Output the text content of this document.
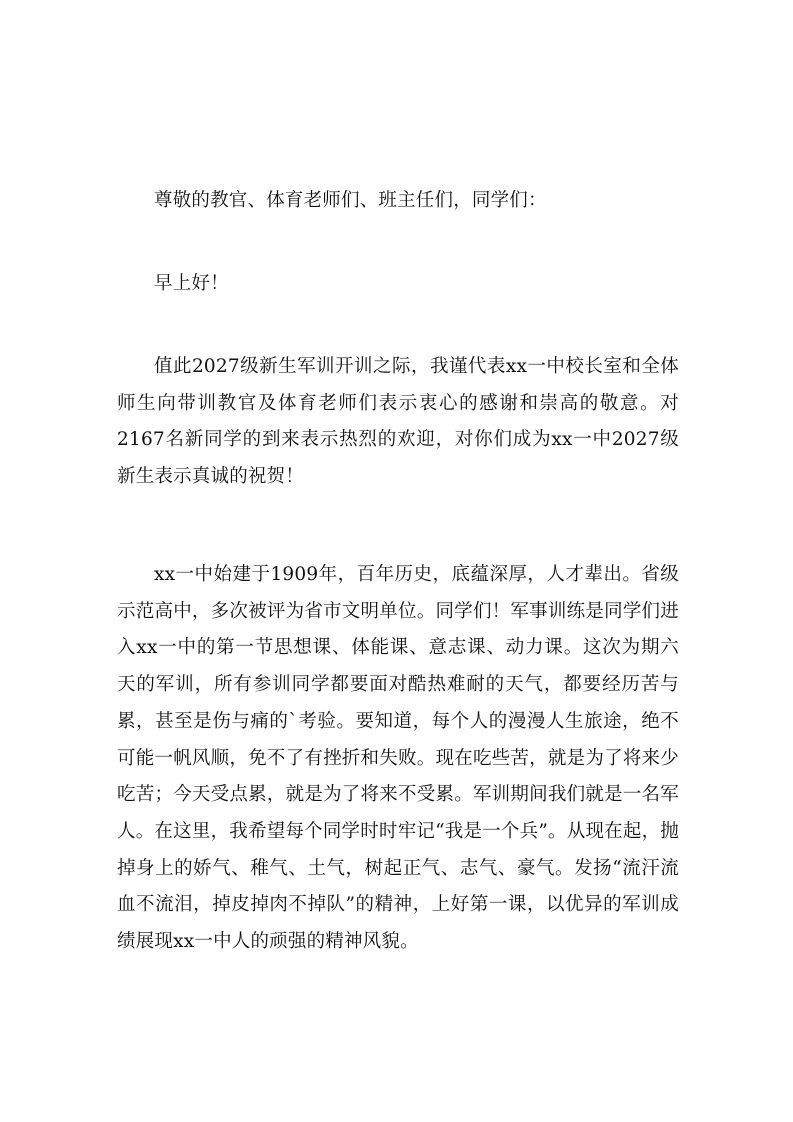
尊敬的教官、体育老师们、班主任们，同学们：

早上好！

值此2027级新生军训开训之际，我谨代表xx一中校长室和全体师生向带训教官及体育老师们表示衷心的感谢和崇高的敬意。对2167名新同学的到来表示热烈的欢迎，对你们成为xx一中2027级新生表示真诚的祝贺！

xx一中始建于1909年，百年历史，底蕴深厚，人才辈出。省级示范高中，多次被评为省市文明单位。同学们！军事训练是同学们进入xx一中的第一节思想课、体能课、意志课、动力课。这次为期六天的军训，所有参训同学都要面对酷热难耐的天气，都要经历苦与累，甚至是伤与痛的`考验。要知道，每个人的漫漫人生旅途，绝不可能一帆风顺，免不了有挫折和失败。现在吃些苦，就是为了将来少吃苦；今天受点累，就是为了将来不受累。军训期间我们就是一名军人。在这里，我希望每个同学时时牢记“我是一个兵”。从现在起，抛掉身上的娇气、稚气、土气，树起正气、志气、豪气。发扬“流汗流血不流泪，掉皮掉肉不掉队”的精神，上好第一课，以优异的军训成绩展现xx一中人的顽强的精神风貌。
